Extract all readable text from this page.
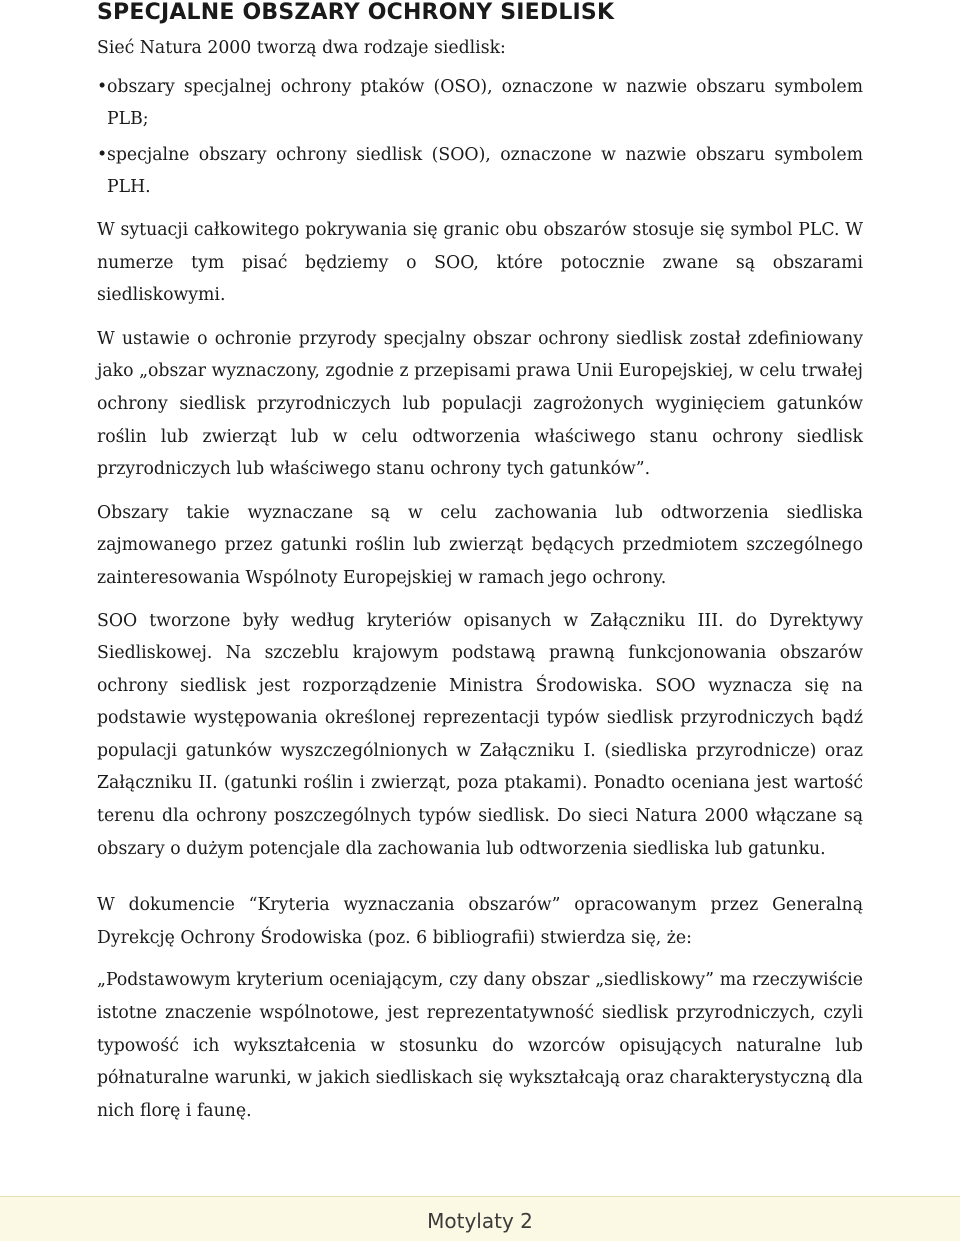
SPECJALNE OBSZARY OCHRONY SIEDLISK

Sieć Natura 2000 tworzą dwa rodzaje siedlisk:

• obszary specjalnej ochrony ptaków (OSO), oznaczone w nazwie obszaru symbolem PLB;
• specjalne obszary ochrony siedlisk (SOO), oznaczone w nazwie obszaru symbolem PLH.

W sytuacji całkowitego pokrywania się granic obu obszarów stosuje się symbol PLC. W numerze tym pisać będziemy o SOO, które potocznie zwane są obszarami siedliskowymi.

W ustawie o ochronie przyrody specjalny obszar ochrony siedlisk został zdefiniowany jako „obszar wyznaczony, zgodnie z przepisami prawa Unii Europejskiej, w celu trwałej ochrony siedlisk przyrodniczych lub populacji zagrożonych wyginięciem gatunków roślin lub zwierząt lub w celu odtworzenia właściwego stanu ochrony siedlisk przyrodniczych lub właściwego stanu ochrony tych gatunków”.

Obszary takie wyznaczane są w celu zachowania lub odtworzenia siedliska zajmowanego przez gatunki roślin lub zwierząt będących przedmiotem szczególnego zainteresowania Wspólnoty Europejskiej w ramach jego ochrony.

SOO tworzone były według kryteriów opisanych w Załączniku III. do Dyrektywy Siedliskowej. Na szczeblu krajowym podstawą prawną funkcjonowania obszarów ochrony siedlisk jest rozporządzenie Ministra Środowiska. SOO wyznacza się na podstawie występowania określonej reprezentacji typów siedlisk przyrodniczych bądź populacji gatunków wyszczególnionych w Załączniku I. (siedliska przyrodnicze) oraz Załączniku II. (gatunki roślin i zwierząt, poza ptakami). Ponadto oceniana jest wartość terenu dla ochrony poszczególnych typów siedlisk. Do sieci Natura 2000 włączane są obszary o dużym potencjale dla zachowania lub odtworzenia siedliska lub gatunku.

W dokumencie “Kryteria wyznaczania obszarów” opracowanym przez Generalną Dyrekcję Ochrony Środowiska (poz. 6 bibliografii) stwierdza się, że:

„Podstawowym kryterium oceniającym, czy dany obszar „siedliskowy” ma rzeczywiście istotne znaczenie wspólnotowe, jest reprezentatywność siedlisk przyrodniczych, czyli typowość ich wykształcenia w stosunku do wzorców opisujących naturalne lub półnaturalne warunki, w jakich siedliskach się wykształcają oraz charakterystyczną dla nich florę i faunę.

Motylaty 2
